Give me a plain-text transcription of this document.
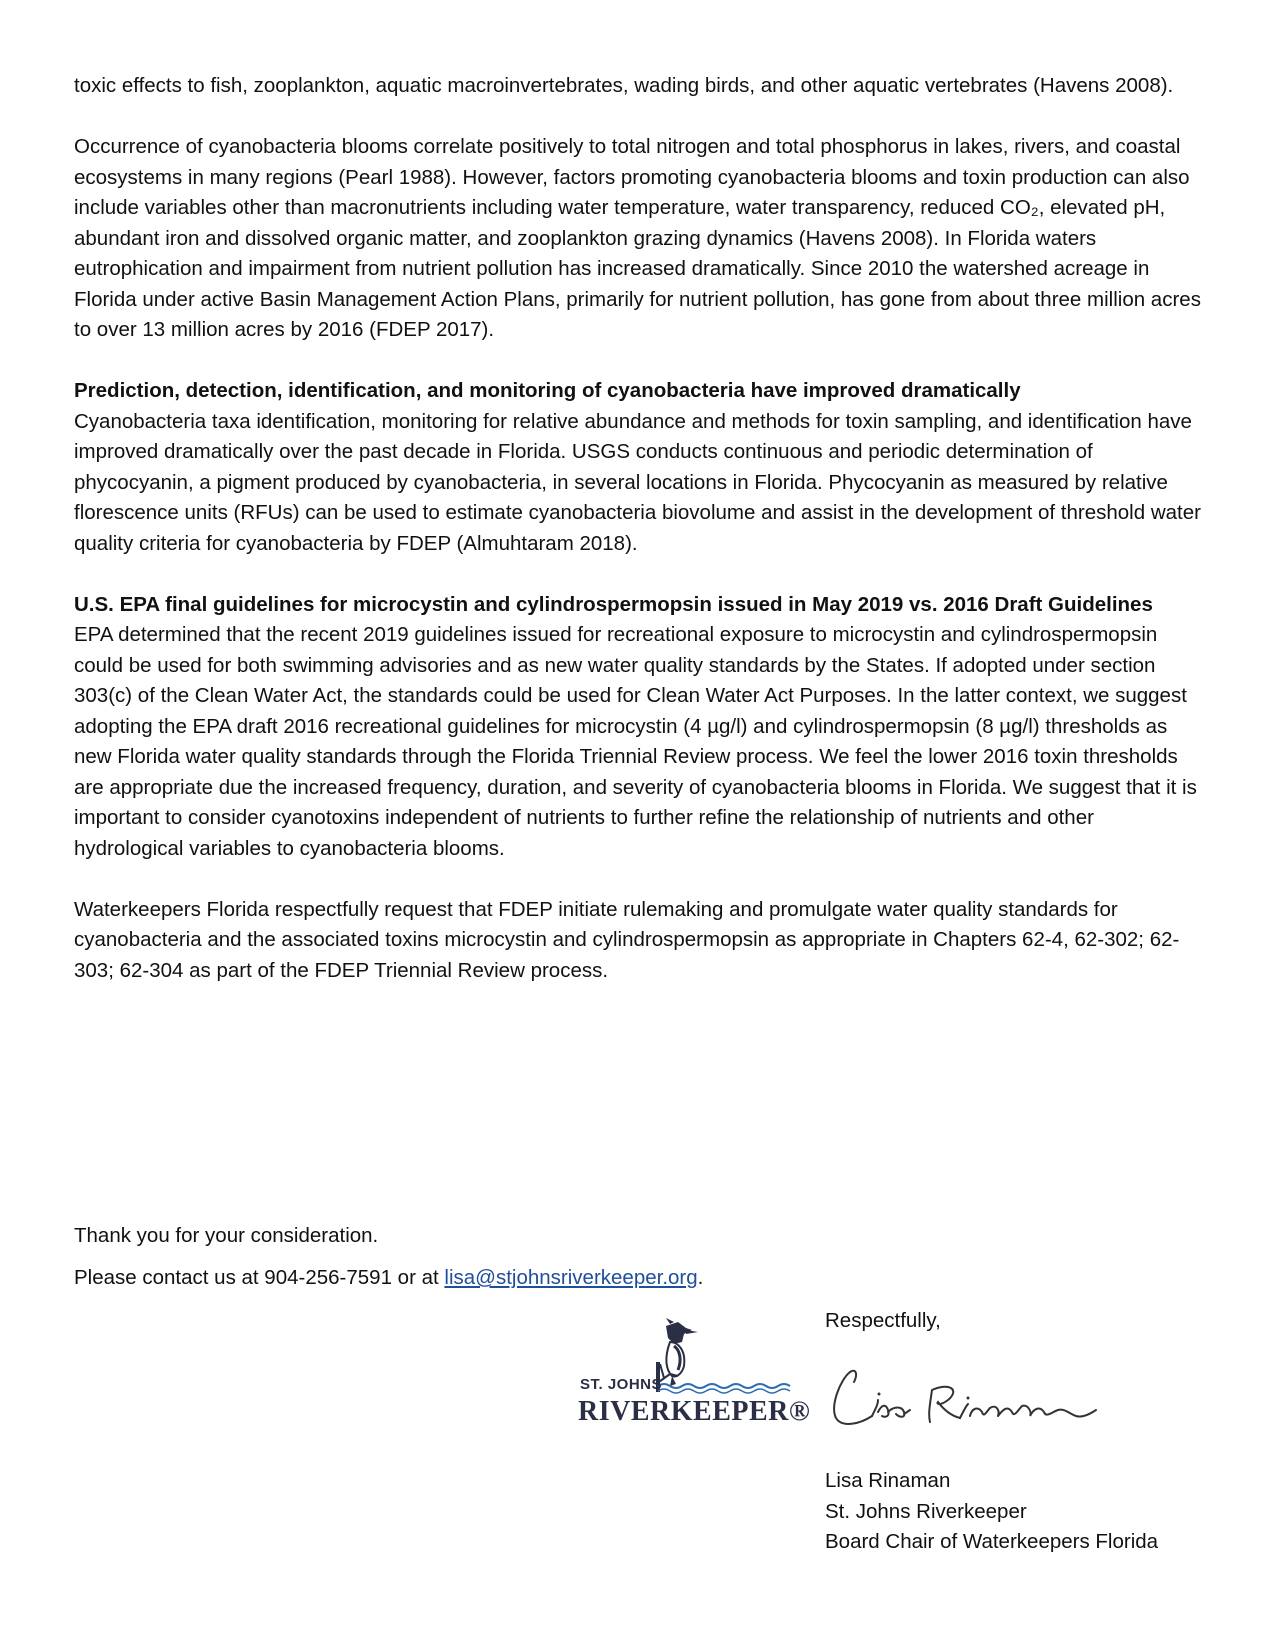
toxic effects to fish, zooplankton, aquatic macroinvertebrates, wading birds, and other aquatic vertebrates (Havens 2008).

Occurrence of cyanobacteria blooms correlate positively to total nitrogen and total phosphorus in lakes, rivers, and coastal ecosystems in many regions (Pearl 1988). However, factors promoting cyanobacteria blooms and toxin production can also include variables other than macronutrients including water temperature, water transparency, reduced CO₂, elevated pH, abundant iron and dissolved organic matter, and zooplankton grazing dynamics (Havens 2008). In Florida waters eutrophication and impairment from nutrient pollution has increased dramatically. Since 2010 the watershed acreage in Florida under active Basin Management Action Plans, primarily for nutrient pollution, has gone from about three million acres to over 13 million acres by 2016 (FDEP 2017).

Prediction, detection, identification, and monitoring of cyanobacteria have improved dramatically

Cyanobacteria taxa identification, monitoring for relative abundance and methods for toxin sampling, and identification have improved dramatically over the past decade in Florida. USGS conducts continuous and periodic determination of phycocyanin, a pigment produced by cyanobacteria, in several locations in Florida. Phycocyanin as measured by relative florescence units (RFUs) can be used to estimate cyanobacteria biovolume and assist in the development of threshold water quality criteria for cyanobacteria by FDEP (Almuhtaram 2018).

U.S. EPA final guidelines for microcystin and cylindrospermopsin issued in May 2019 vs. 2016 Draft Guidelines

EPA determined that the recent 2019 guidelines issued for recreational exposure to microcystin and cylindrospermopsin could be used for both swimming advisories and as new water quality standards by the States. If adopted under section 303(c) of the Clean Water Act, the standards could be used for Clean Water Act Purposes. In the latter context, we suggest adopting the EPA draft 2016 recreational guidelines for microcystin (4 µg/l) and cylindrospermopsin (8 µg/l) thresholds as new Florida water quality standards through the Florida Triennial Review process. We feel the lower 2016 toxin thresholds are appropriate due the increased frequency, duration, and severity of cyanobacteria blooms in Florida. We suggest that it is important to consider cyanotoxins independent of nutrients to further refine the relationship of nutrients and other hydrological variables to cyanobacteria blooms.

Waterkeepers Florida respectfully request that FDEP initiate rulemaking and promulgate water quality standards for cyanobacteria and the associated toxins microcystin and cylindrospermopsin as appropriate in Chapters 62-4, 62-302; 62-303; 62-304 as part of the FDEP Triennial Review process.

Thank you for your consideration.
Please contact us at 904-256-7591 or at lisa@stjohnsriverkeeper.org.
Respectfully,
ST. JOHNS
RIVERKEEPER®
Lisa Rinaman
St. Johns Riverkeeper
Board Chair of Waterkeepers Florida
